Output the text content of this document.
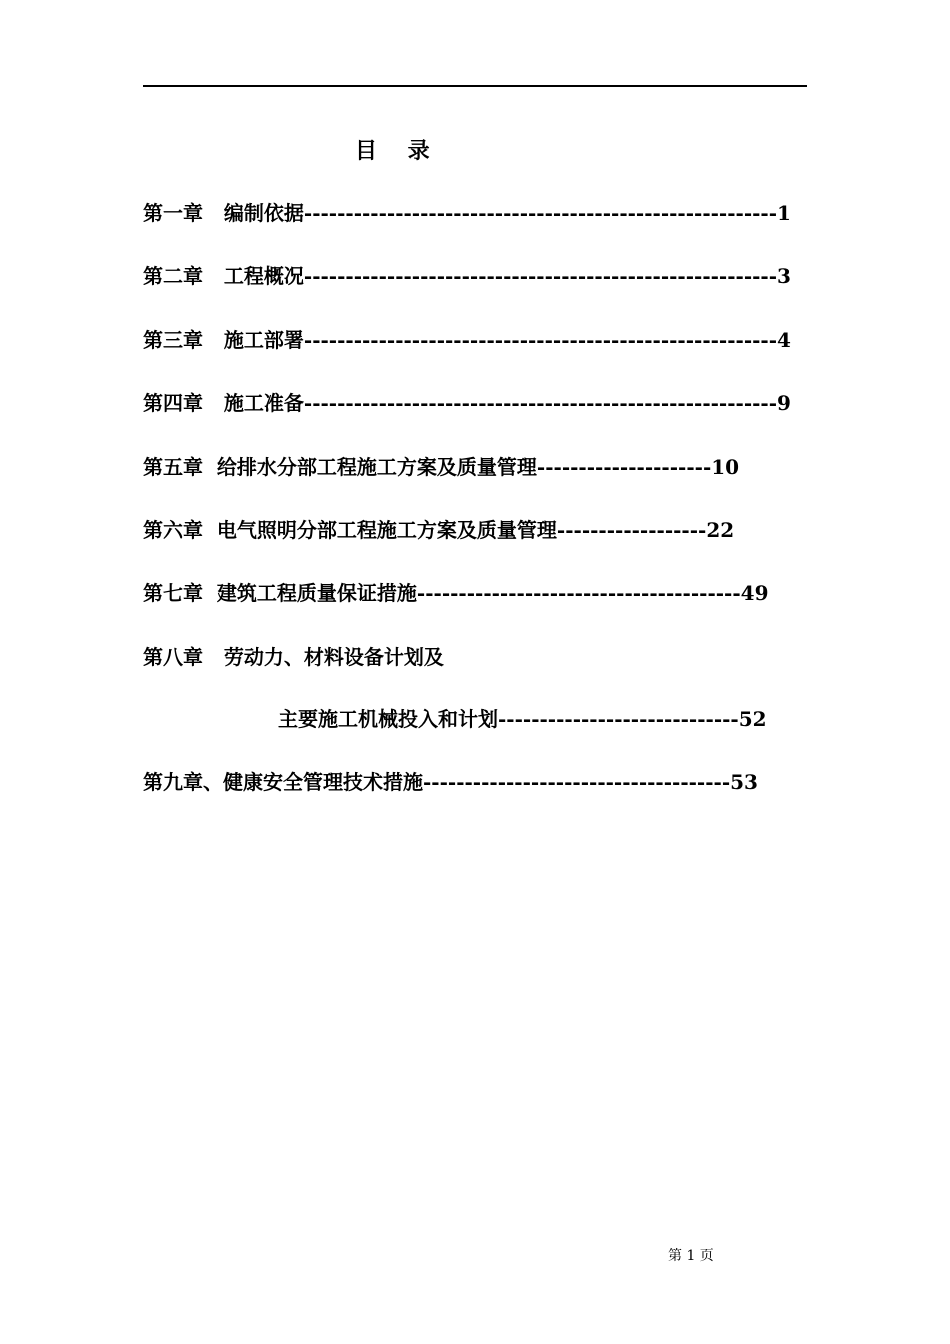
目    录
第一章   编制依据---------------------------------------------------------1
第二章   工程概况---------------------------------------------------------3
第三章   施工部署---------------------------------------------------------4
第四章   施工准备---------------------------------------------------------9
第五章  给排水分部工程施工方案及质量管理---------------------10
第六章  电气照明分部工程施工方案及质量管理------------------22
第七章  建筑工程质量保证措施---------------------------------------49
第八章   劳动力、材料设备计划及
主要施工机械投入和计划-----------------------------52
第九章、健康安全管理技术措施-------------------------------------53
第 1 页
